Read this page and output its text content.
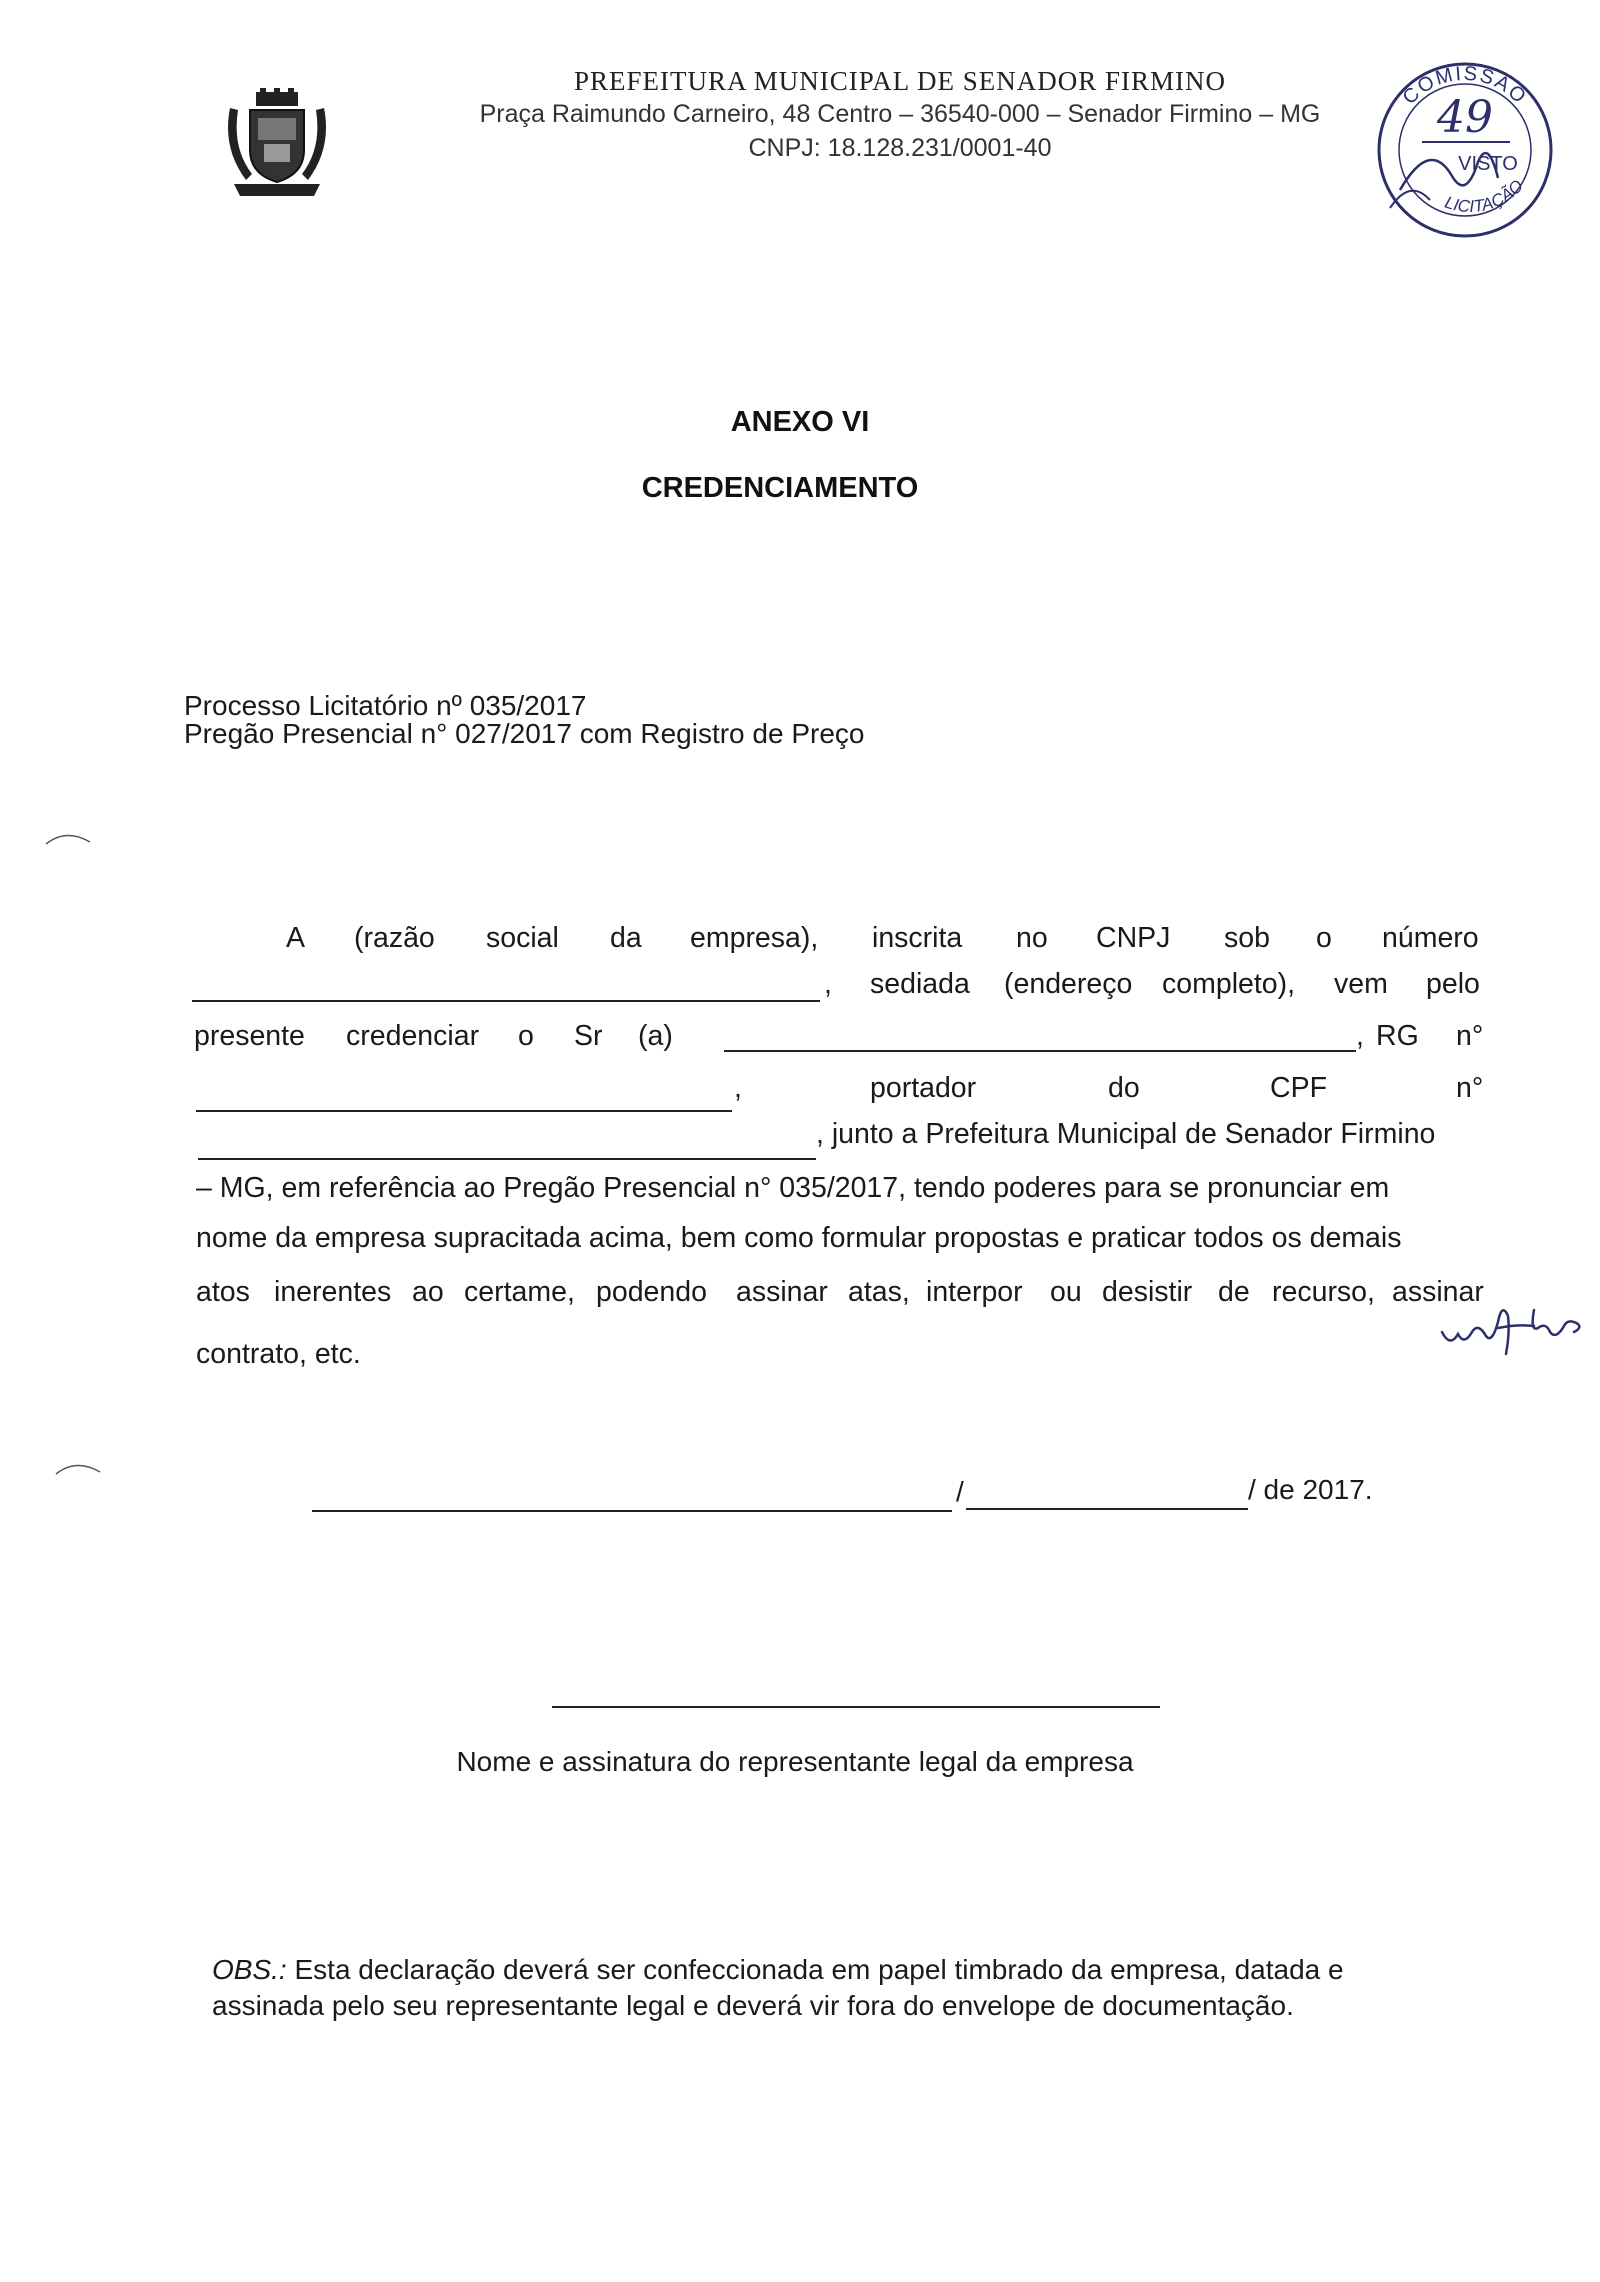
PREFEITURA MUNICIPAL DE SENADOR FIRMINO
Praça Raimundo Carneiro, 48 Centro – 36540-000 – Senador Firmino – MG
CNPJ: 18.128.231/0001-40
COMISSÃO
49
VISTO
LICITAÇÃO
ANEXO VI
CREDENCIAMENTO
Processo Licitatório nº 035/2017
Pregão Presencial n° 027/2017 com Registro de Preço
A (razão social da empresa), inscrita no CNPJ sob o número
, sediada (endereço completo), vem pelo
presente credenciar o Sr (a)	, RG n°
,	portador	do	CPF	n°
, junto a Prefeitura Municipal de Senador Firmino
– MG, em referência ao Pregão Presencial n° 035/2017, tendo poderes para se pronunciar em
nome da empresa supracitada acima, bem como formular propostas e praticar todos os demais
atos inerentes ao certame, podendo assinar atas, interpor ou desistir de recurso, assinar
contrato, etc.
/	/ de 2017.
Nome e assinatura do representante legal da empresa
OBS.: Esta declaração deverá ser confeccionada em papel timbrado da empresa, datada e
assinada pelo seu representante legal e deverá vir fora do envelope de documentação.
